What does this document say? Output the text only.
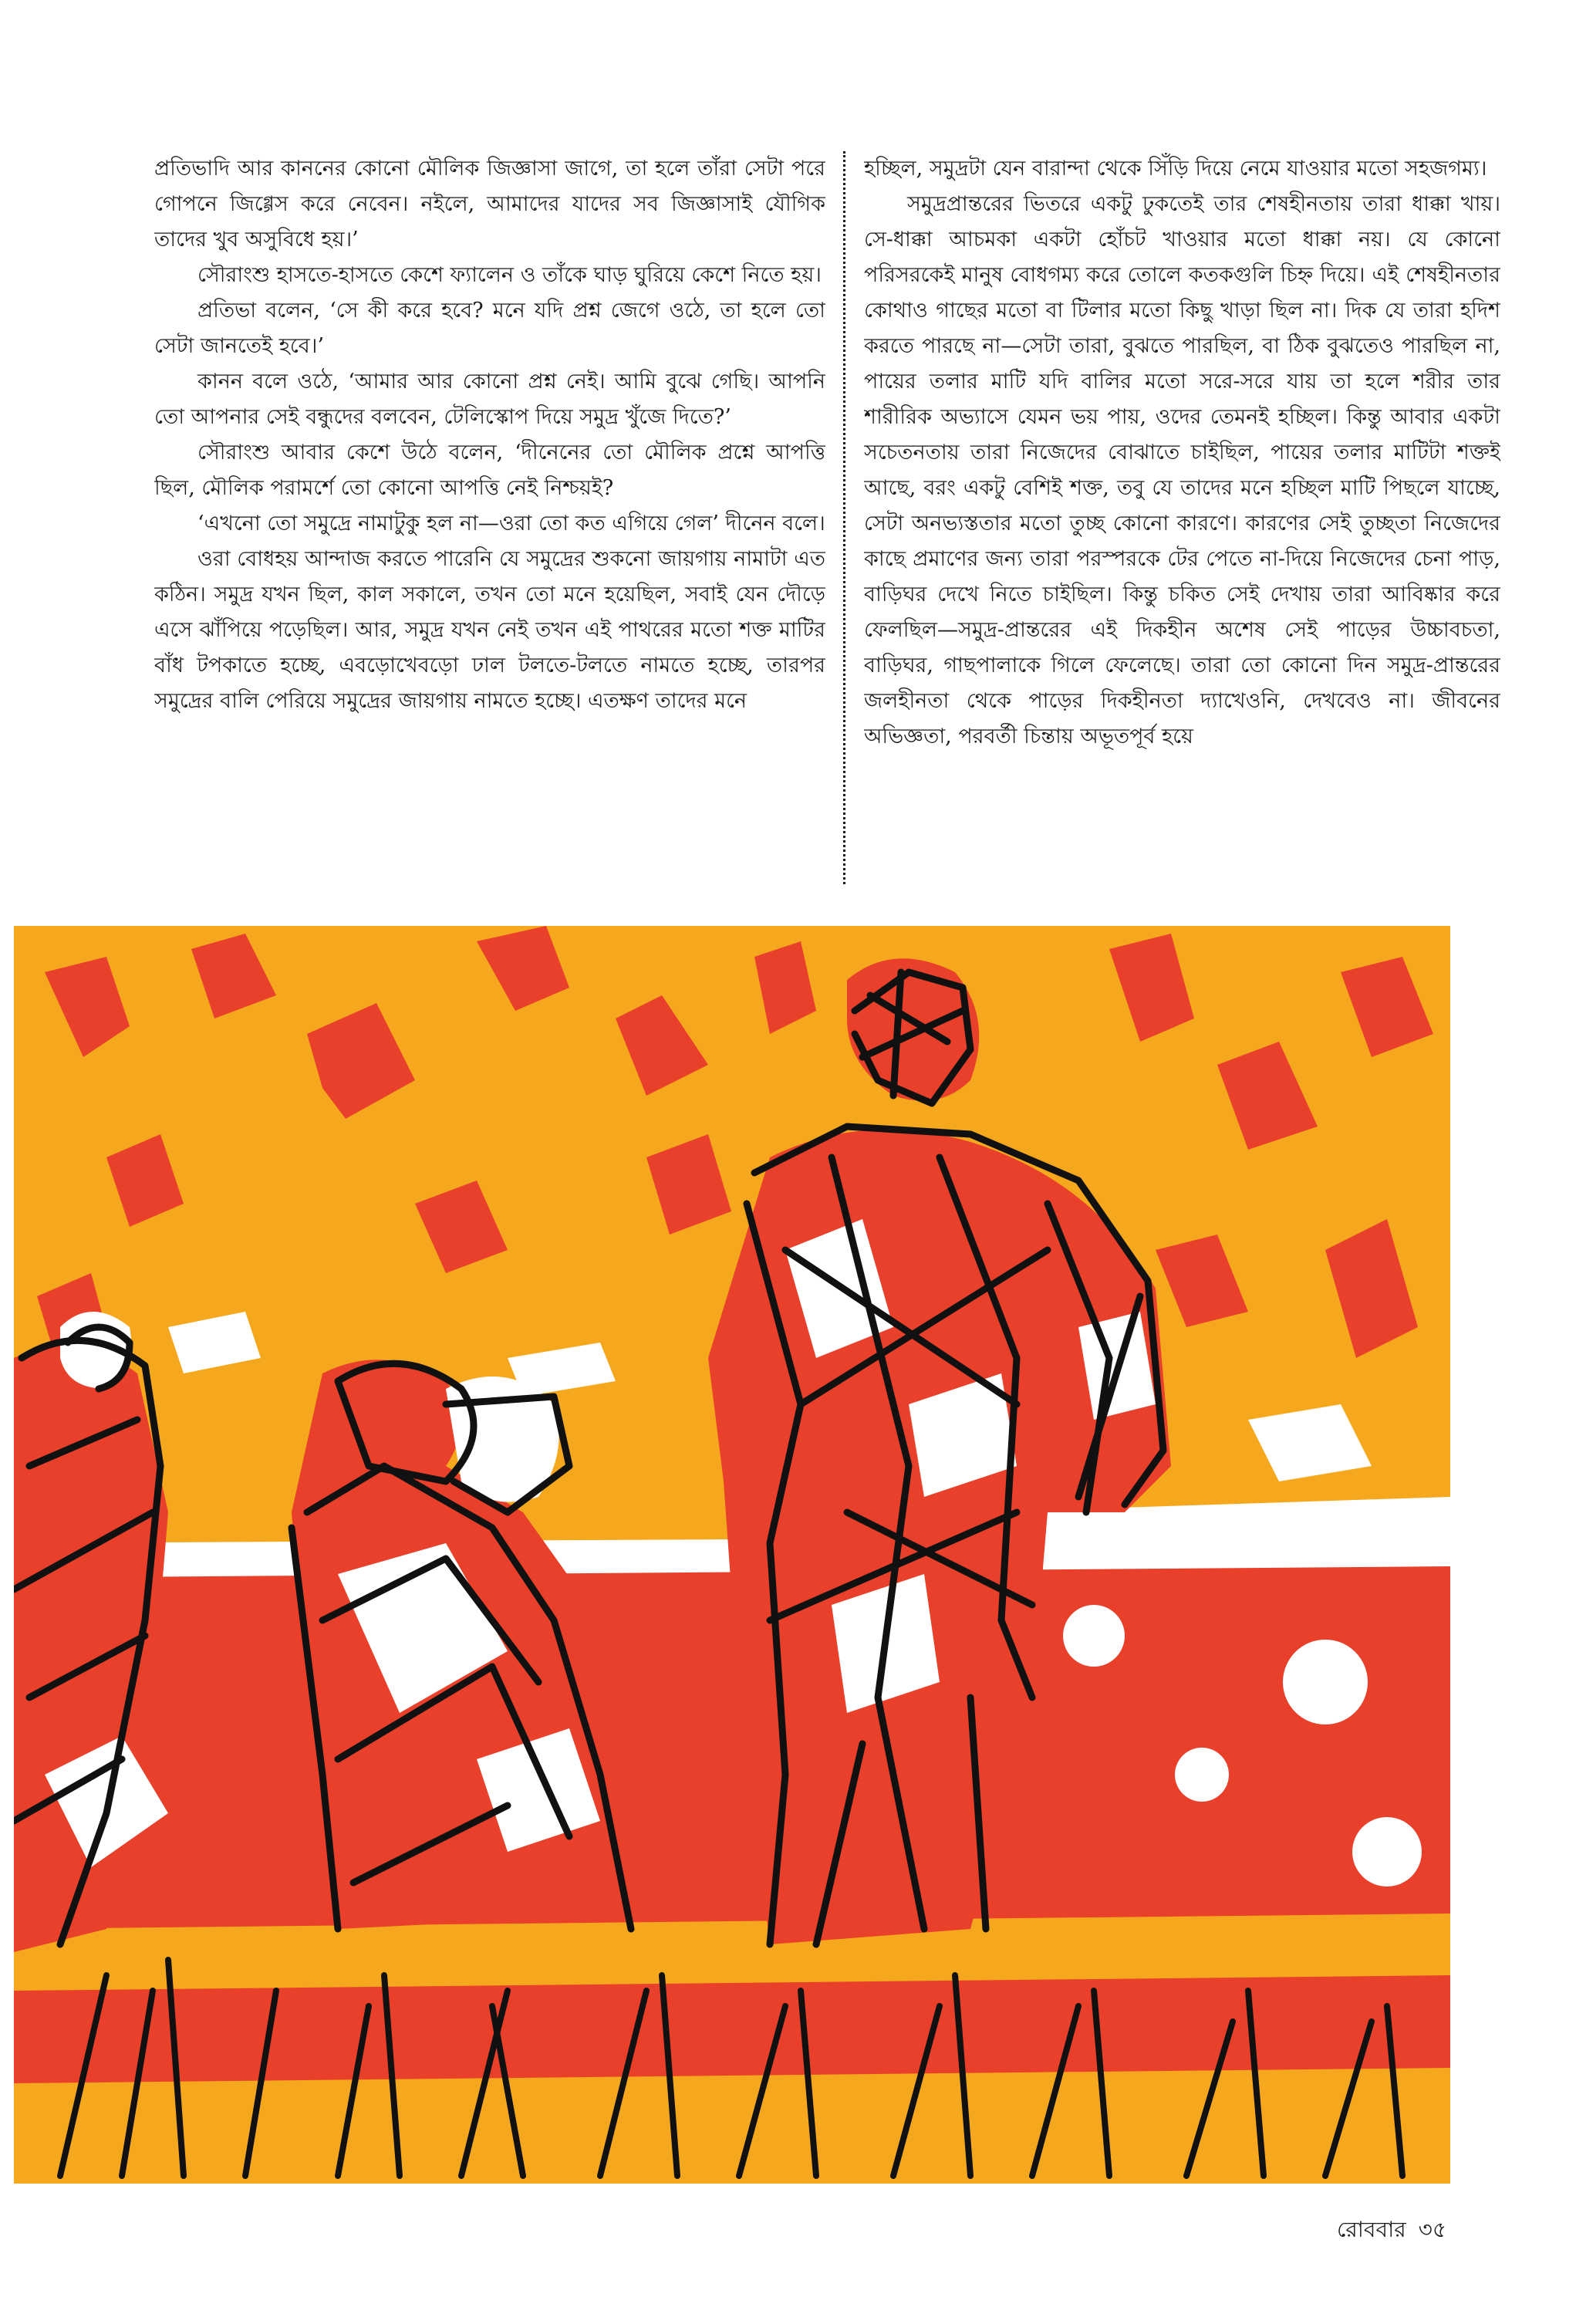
প্রতিভাদি আর কাননের কোনো মৌলিক জিজ্ঞাসা জাগে, তা হলে তাঁরা সেটা পরে গোপনে জিগ্গেস করে নেবেন। নইলে, আমাদের যাদের সব জিজ্ঞাসাই যৌগিক তাদের খুব অসুবিধে হয়।’

সৌরাংশু হাসতে-হাসতে কেশে ফ্যালেন ও তাঁকে ঘাড় ঘুরিয়ে কেশে নিতে হয়।

প্রতিভা বলেন, ‘সে কী করে হবে? মনে যদি প্রশ্ন জেগে ওঠে, তা হলে তো সেটা জানতেই হবে।’

কানন বলে ওঠে, ‘আমার আর কোনো প্রশ্ন নেই। আমি বুঝে গেছি। আপনি তো আপনার সেই বন্ধুদের বলবেন, টেলিস্কোপ দিয়ে সমুদ্র খুঁজে দিতে?’

সৌরাংশু আবার কেশে উঠে বলেন, ‘দীনেনের তো মৌলিক প্রশ্নে আপত্তি ছিল, মৌলিক পরামর্শে তো কোনো আপত্তি নেই নিশ্চয়ই?

‘এখনো তো সমুদ্রে নামাটুকু হল না—ওরা তো কত এগিয়ে গেল’ দীনেন বলে।

ওরা বোধহয় আন্দাজ করতে পারেনি যে সমুদ্রের শুকনো জায়গায় নামাটা এত কঠিন। সমুদ্র যখন ছিল, কাল সকালে, তখন তো মনে হয়েছিল, সবাই যেন দৌড়ে এসে ঝাঁপিয়ে পড়েছিল। আর, সমুদ্র যখন নেই তখন এই পাথরের মতো শক্ত মাটির বাঁধ টপকাতে হচ্ছে, এবড়োখেবড়ো ঢাল টলতে-টলতে নামতে হচ্ছে, তারপর সমুদ্রের বালি পেরিয়ে সমুদ্রের জায়গায় নামতে হচ্ছে। এতক্ষণ তাদের মনে

হচ্ছিল, সমুদ্রটা যেন বারান্দা থেকে সিঁড়ি দিয়ে নেমে যাওয়ার মতো সহজগম্য।

সমুদ্রপ্রান্তরের ভিতরে একটু ঢুকতেই তার শেষহীনতায় তারা ধাক্কা খায়। সে-ধাক্কা আচমকা একটা হোঁচট খাওয়ার মতো ধাক্কা নয়। যে কোনো পরিসরকেই মানুষ বোধগম্য করে তোলে কতকগুলি চিহ্ন দিয়ে। এই শেষহীনতার কোথাও গাছের মতো বা টিলার মতো কিছু খাড়া ছিল না। দিক যে তারা হদিশ করতে পারছে না—সেটা তারা, বুঝতে পারছিল, বা ঠিক বুঝতেও পারছিল না, পায়ের তলার মাটি যদি বালির মতো সরে-সরে যায় তা হলে শরীর তার শারীরিক অভ্যাসে যেমন ভয় পায়, ওদের তেমনই হচ্ছিল। কিন্তু আবার একটা সচেতনতায় তারা নিজেদের বোঝাতে চাইছিল, পায়ের তলার মাটিটা শক্তই আছে, বরং একটু বেশিই শক্ত, তবু যে তাদের মনে হচ্ছিল মাটি পিছলে যাচ্ছে, সেটা অনভ্যস্ততার মতো তুচ্ছ কোনো কারণে। কারণের সেই তুচ্ছতা নিজেদের কাছে প্রমাণের জন্য তারা পরস্পরকে টের পেতে না-দিয়ে নিজেদের চেনা পাড়, বাড়িঘর দেখে নিতে চাইছিল। কিন্তু চকিত সেই দেখায় তারা আবিষ্কার করে ফেলছিল—সমুদ্র-প্রান্তরের এই দিকহীন অশেষ সেই পাড়ের উচ্চাবচতা, বাড়িঘর, গাছপালাকে গিলে ফেলেছে। তারা তো কোনো দিন সমুদ্র-প্রান্তরের জলহীনতা থেকে পাড়ের দিকহীনতা দ্যাখেওনি, দেখবেও না। জীবনের অভিজ্ঞতা, পরবর্তী চিন্তায় অভূতপূর্ব হয়ে

রোববার ৩৫
